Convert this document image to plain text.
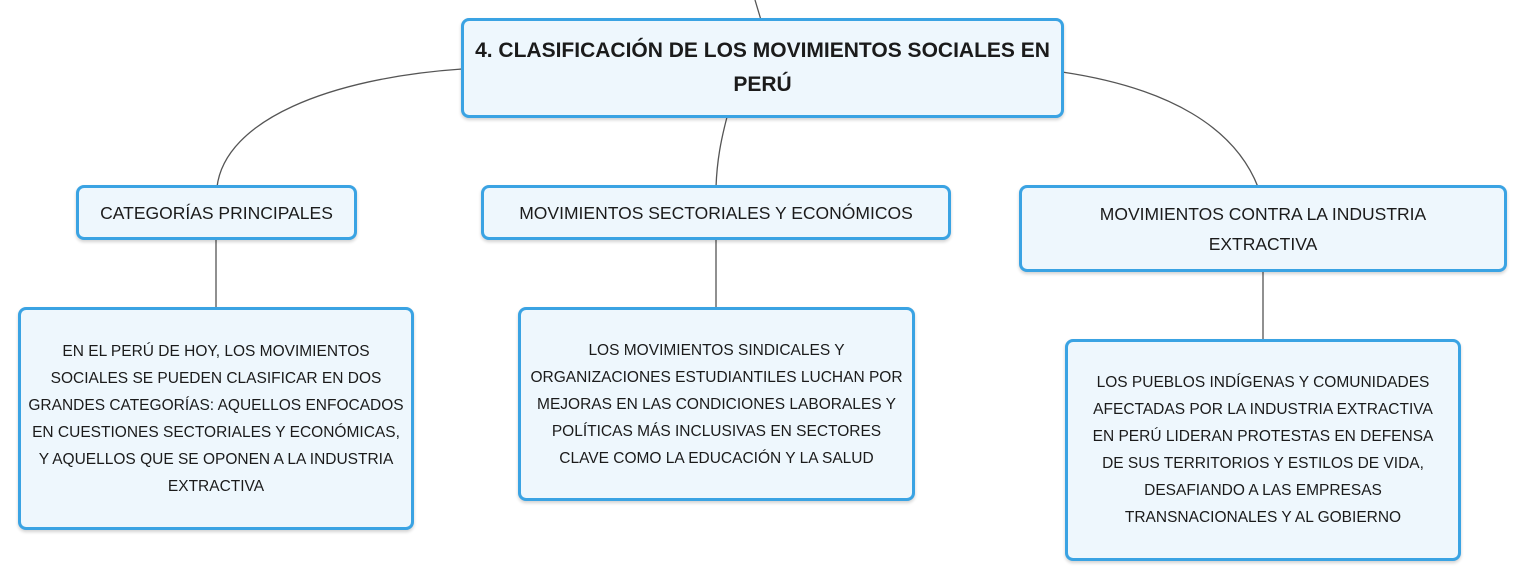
4. CLASIFICACIÓN DE LOS MOVIMIENTOS SOCIALES EN PERÚ
CATEGORÍAS PRINCIPALES	MOVIMIENTOS SECTORIALES Y ECONÓMICOS	MOVIMIENTOS CONTRA LA INDUSTRIA EXTRACTIVA
EN EL PERÚ DE HOY, LOS MOVIMIENTOS SOCIALES SE PUEDEN CLASIFICAR EN DOS GRANDES CATEGORÍAS: AQUELLOS ENFOCADOS EN CUESTIONES SECTORIALES Y ECONÓMICAS, Y AQUELLOS QUE SE OPONEN A LA INDUSTRIA EXTRACTIVA
LOS MOVIMIENTOS SINDICALES Y ORGANIZACIONES ESTUDIANTILES LUCHAN POR MEJORAS EN LAS CONDICIONES LABORALES Y POLÍTICAS MÁS INCLUSIVAS EN SECTORES CLAVE COMO LA EDUCACIÓN Y LA SALUD
LOS PUEBLOS INDÍGENAS Y COMUNIDADES AFECTADAS POR LA INDUSTRIA EXTRACTIVA EN PERÚ LIDERAN PROTESTAS EN DEFENSA DE SUS TERRITORIOS Y ESTILOS DE VIDA, DESAFIANDO A LAS EMPRESAS TRANSNACIONALES Y AL GOBIERNO
